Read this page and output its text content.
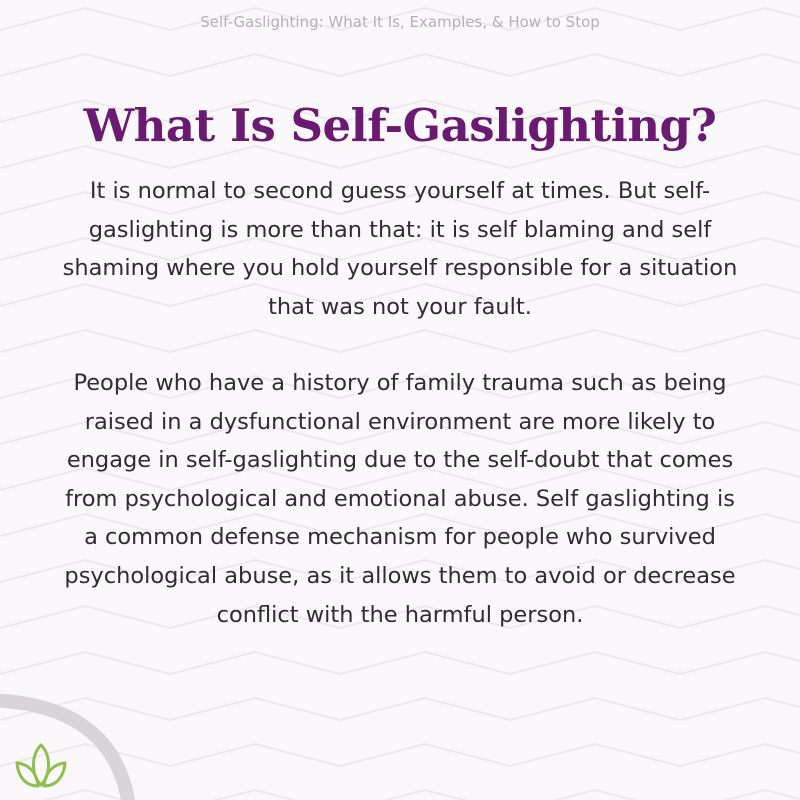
Self-Gaslighting: What It Is, Examples, & How to Stop
What Is Self-Gaslighting?

It is normal to second guess yourself at times. But self-gaslighting is more than that: it is self blaming and self shaming where you hold yourself responsible for a situation that was not your fault.

People who have a history of family trauma such as being raised in a dysfunctional environment are more likely to engage in self-gaslighting due to the self-doubt that comes from psychological and emotional abuse. Self gaslighting is a common defense mechanism for people who survived psychological abuse, as it allows them to avoid or decrease conflict with the harmful person.
